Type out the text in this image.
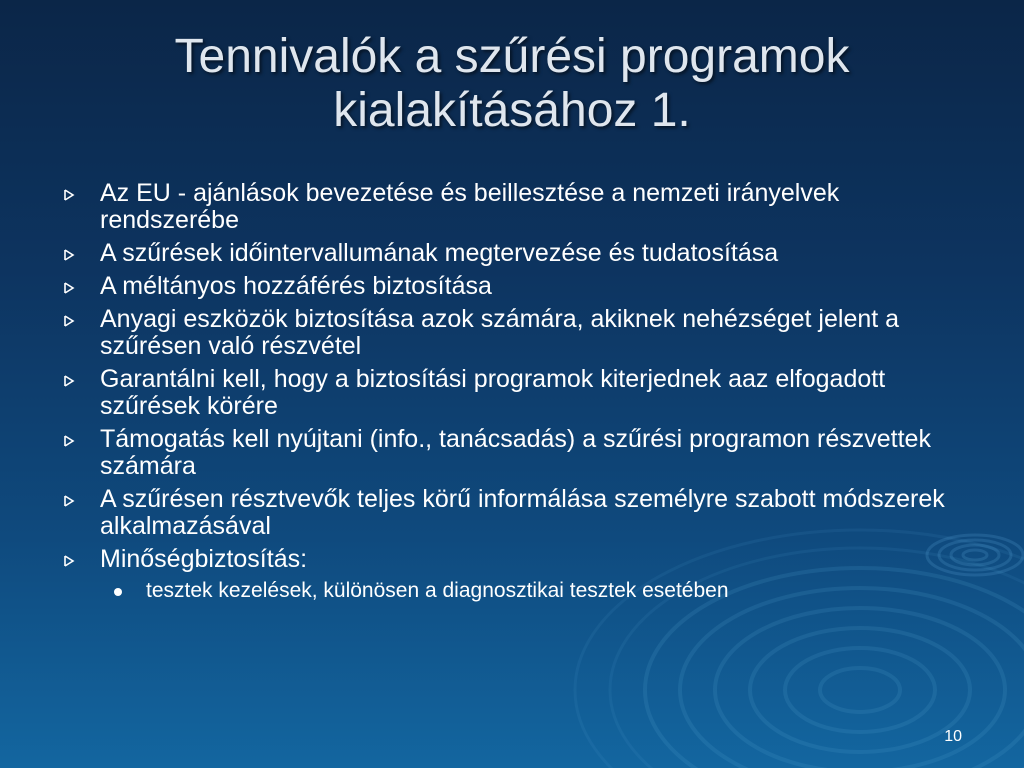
Tennivalók a szűrési programok
kialakításához 1.
Az EU - ajánlások bevezetése és beillesztése a nemzeti irányelvek rendszerébe
A szűrések időintervallumának megtervezése és tudatosítása
A méltányos hozzáférés biztosítása
Anyagi eszközök biztosítása azok számára, akiknek nehézséget jelent a szűrésen való részvétel
Garantálni kell, hogy a biztosítási programok kiterjednek aaz elfogadott szűrések körére
Támogatás kell nyújtani (info., tanácsadás) a szűrési programon részvettek számára
A szűrésen résztvevők teljes körű informálása személyre szabott módszerek alkalmazásával
Minőségbiztosítás:
tesztek kezelések, különösen a diagnosztikai tesztek esetében
10
